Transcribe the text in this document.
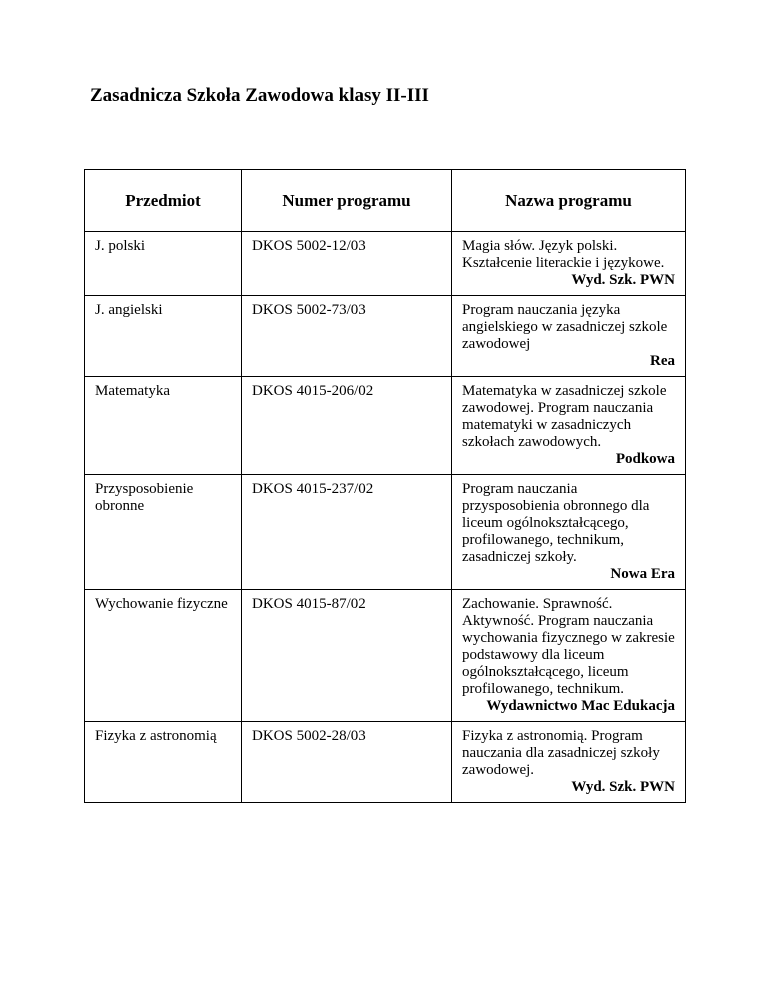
Zasadnicza Szkoła Zawodowa klasy II-III
Przedmiot	Numer programu	Nazwa programu
J. polski	DKOS 5002-12/03	Magia słów. Język polski. Kształcenie literackie i językowe.
Wyd. Szk. PWN

J. angielski	DKOS 5002-73/03	Program nauczania języka angielskiego w zasadniczej szkole zawodowej
Rea

Matematyka	DKOS 4015-206/02	Matematyka w zasadniczej szkole zawodowej. Program nauczania matematyki w zasadniczych szkołach zawodowych.
Podkowa

Przysposobienie obronne	DKOS 4015-237/02	Program nauczania przysposobienia obronnego dla liceum ogólnokształcącego, profilowanego, technikum, zasadniczej szkoły.
Nowa Era

Wychowanie fizyczne	DKOS 4015-87/02	Zachowanie. Sprawność. Aktywność. Program nauczania wychowania fizycznego w zakresie podstawowy dla liceum ogólnokształcącego, liceum profilowanego, technikum.
Wydawnictwo Mac Edukacja

Fizyka z astronomią	DKOS 5002-28/03	Fizyka z astronomią. Program nauczania dla zasadniczej szkoły zawodowej.
Wyd. Szk. PWN
